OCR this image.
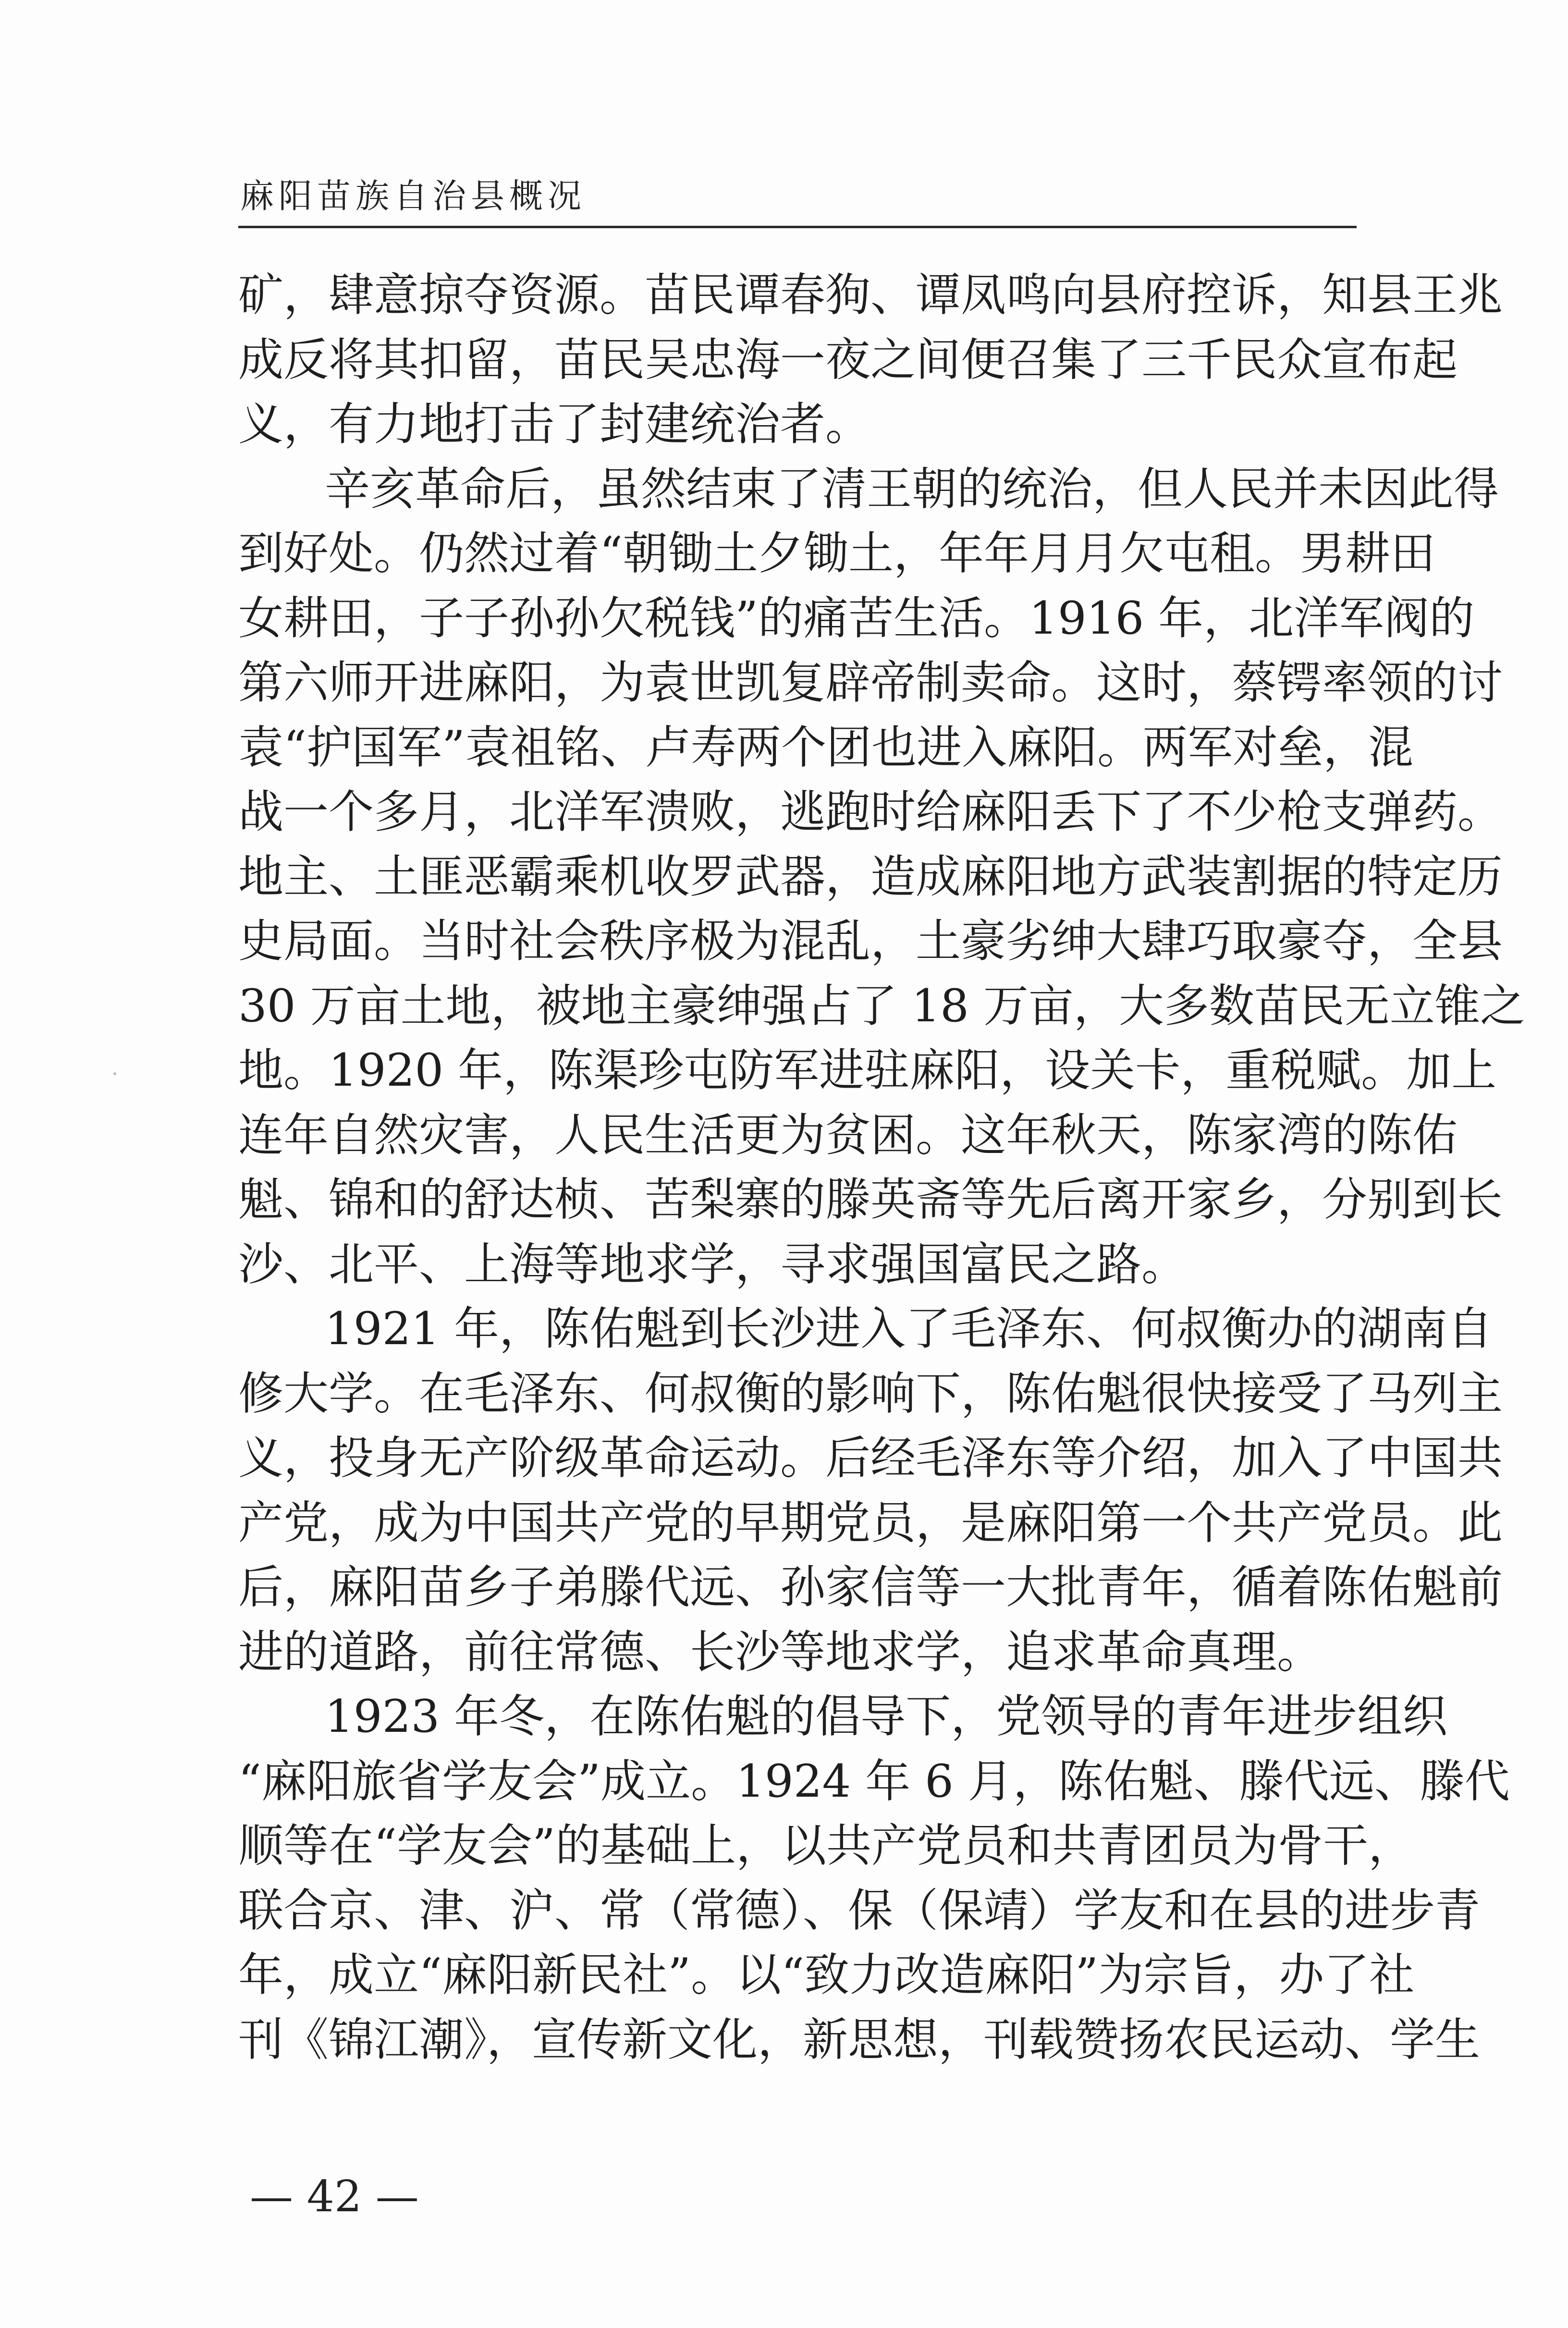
麻阳苗族自治县概况
矿，肆意掠夺资源。苗民谭春狗、谭凤鸣向县府控诉，知县王兆
成反将其扣留，苗民吴忠海一夜之间便召集了三千民众宣布起
义，有力地打击了封建统治者。
辛亥革命后，虽然结束了清王朝的统治，但人民并未因此得
到好处。仍然过着“朝锄土夕锄土，年年月月欠屯租。男耕田
女耕田，子子孙孙欠税钱”的痛苦生活。1916 年，北洋军阀的
第六师开进麻阳，为袁世凯复辟帝制卖命。这时，蔡锷率领的讨
袁“护国军”袁祖铭、卢寿两个团也进入麻阳。两军对垒，混
战一个多月，北洋军溃败，逃跑时给麻阳丢下了不少枪支弹药。
地主、土匪恶霸乘机收罗武器，造成麻阳地方武装割据的特定历
史局面。当时社会秩序极为混乱，土豪劣绅大肆巧取豪夺，全县
30 万亩土地，被地主豪绅强占了 18 万亩，大多数苗民无立锥之
地。1920 年，陈渠珍屯防军进驻麻阳，设关卡，重税赋。加上
连年自然灾害，人民生活更为贫困。这年秋天，陈家湾的陈佑
魁、锦和的舒达桢、苦梨寨的滕英斋等先后离开家乡，分别到长
沙、北平、上海等地求学，寻求强国富民之路。
1921 年，陈佑魁到长沙进入了毛泽东、何叔衡办的湖南自
修大学。在毛泽东、何叔衡的影响下，陈佑魁很快接受了马列主
义，投身无产阶级革命运动。后经毛泽东等介绍，加入了中国共
产党，成为中国共产党的早期党员，是麻阳第一个共产党员。此
后，麻阳苗乡子弟滕代远、孙家信等一大批青年，循着陈佑魁前
进的道路，前往常德、长沙等地求学，追求革命真理。
1923 年冬，在陈佑魁的倡导下，党领导的青年进步组织
“麻阳旅省学友会”成立。1924 年 6 月，陈佑魁、滕代远、滕代
顺等在“学友会”的基础上，以共产党员和共青团员为骨干，
联合京、津、沪、常（常德）、保（保靖）学友和在县的进步青
年，成立“麻阳新民社”。以“致力改造麻阳”为宗旨，办了社
刊《锦江潮》，宣传新文化，新思想，刊载赞扬农民运动、学生
— 42 —
